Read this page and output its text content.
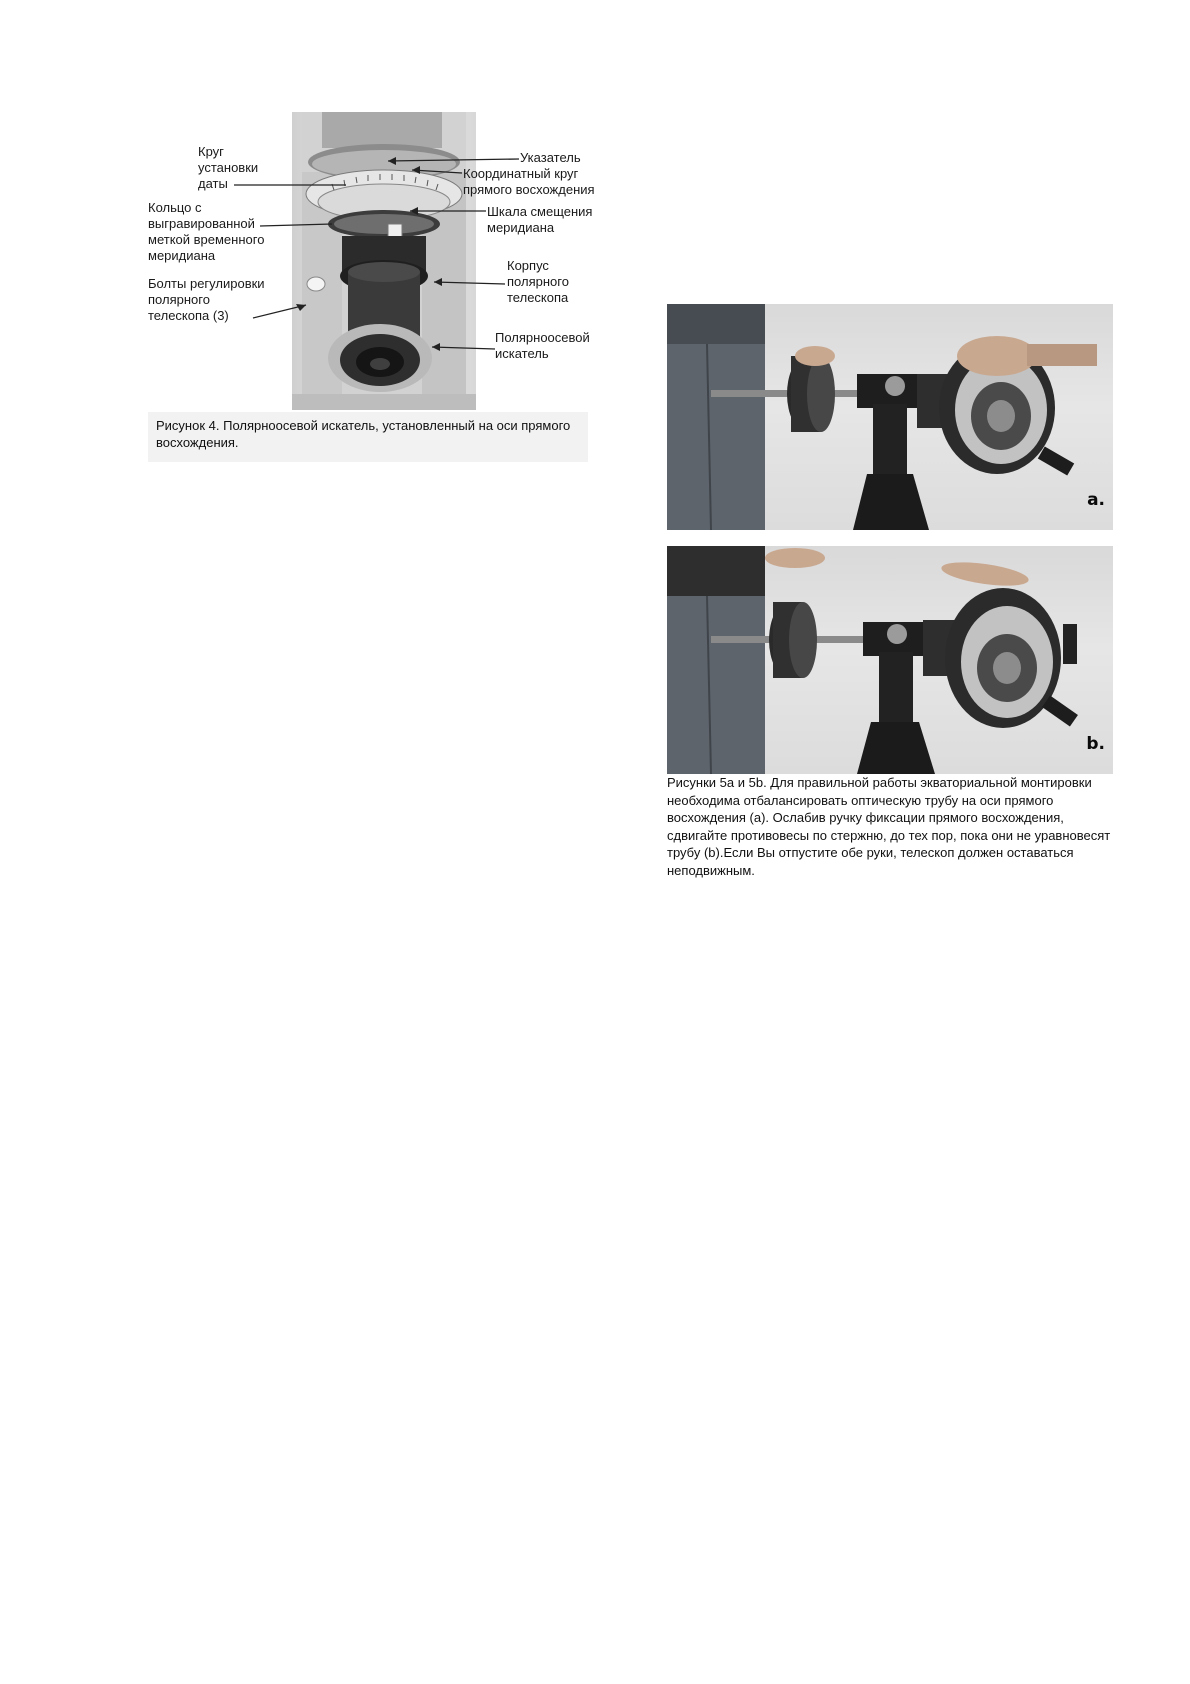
Круг
установки
даты
Кольцо с
выгравированной
меткой временного
меридиана
Болты регулировки
полярного
телескопа (3)
Указатель
Координатный круг
прямого восхождения
Шкала смещения
меридиана
Корпус
полярного
телескопа
Полярноосевой
искатель
Рисунок 4. Полярноосевой искатель, установленный на оси прямого восхождения.
a.
b.
Рисунки 5a и 5b. Для правильной работы экваториальной монтировки необходима отбалансировать оптическую трубу на оси прямого восхождения (a). Ослабив ручку фиксации прямого восхождения, сдвигайте противовесы по стержню, до тех пор, пока они не уравновесят трубу (b).Если Вы отпустите обе руки, телескоп должен оставаться неподвижным.
